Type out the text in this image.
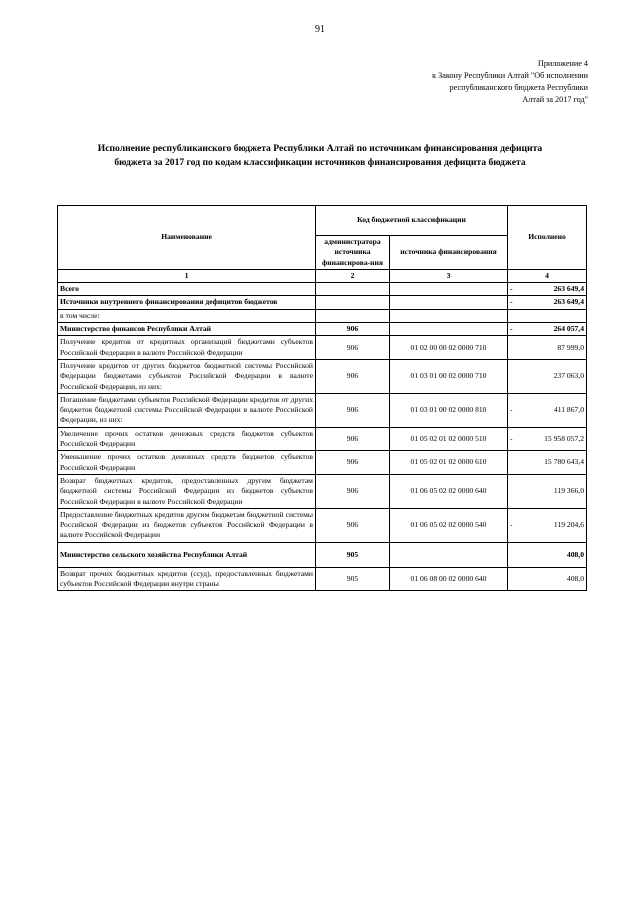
91
Приложение 4
к Закону Республики Алтай "Об исполнении
республиканского бюджета Республики
Алтай за 2017 год"
Исполнение республиканского бюджета Республики Алтай по источникам финансирования дефицита
бюджета за 2017 год по кодам классификации источников финансирования дефицита бюджета
Наименование	Код бюджетной классификации		Исполнено
	администратора источника финансирова-ния	источника финансирования	
1	2	3	4
Всего			- 263 649,4
Источники внутреннего финансирования дефицитов бюджетов			- 263 649,4
в том числе:			

Министерство финансов Республики Алтай	906		- 264 057,4
Получение кредитов от кредитных организаций бюджетами субъектов Российской Федерации в валюте Российской Федерации	906	01 02 00 00 02 0000 710	87 999,0
Получение кредитов от других бюджетов бюджетной системы Российской Федерации бюджетами субъектов Российской Федерации в валюте Российской Федерации, из них:	906	01 03 01 00 02 0000 710	237 063,0
Погашение бюджетами субъектов Российской Федерации кредитов от других бюджетов бюджетной системы Российской Федерации в валюте Российской Федерации, из них:	906	01 03 01 00 02 0000 810	- 411 867,0
Увеличение прочих остатков денежных средств бюджетов субъектов Российской Федерации	906	01 05 02 01 02 0000 510	- 15 958 057,2
Уменьшение прочих остатков денежных средств бюджетов субъектов Российской Федерации	906	01 05 02 01 02 0000 610	15 780 643,4
Возврат бюджетных кредитов, предоставленных другим бюджетам бюджетной системы Российской Федерации из бюджетов субъектов Российской Федерации в валюте Российской Федерации	906	01 06 05 02 02 0000 640	119 366,0
Предоставление бюджетных кредитов другим бюджетам бюджетной системы Российской Федерации из бюджетов субъектов Российской Федерации в валюте Российской Федерации	906	01 06 05 02 02 0000 540	- 119 204,6
Министерство сельского хозяйства Республики Алтай	905		408,0
Возврат прочих бюджетных кредитов (ссуд), предоставленных бюджетами субъектов Российской Федерации внутри страны	905	01 06 08 00 02 0000 640	408,0
